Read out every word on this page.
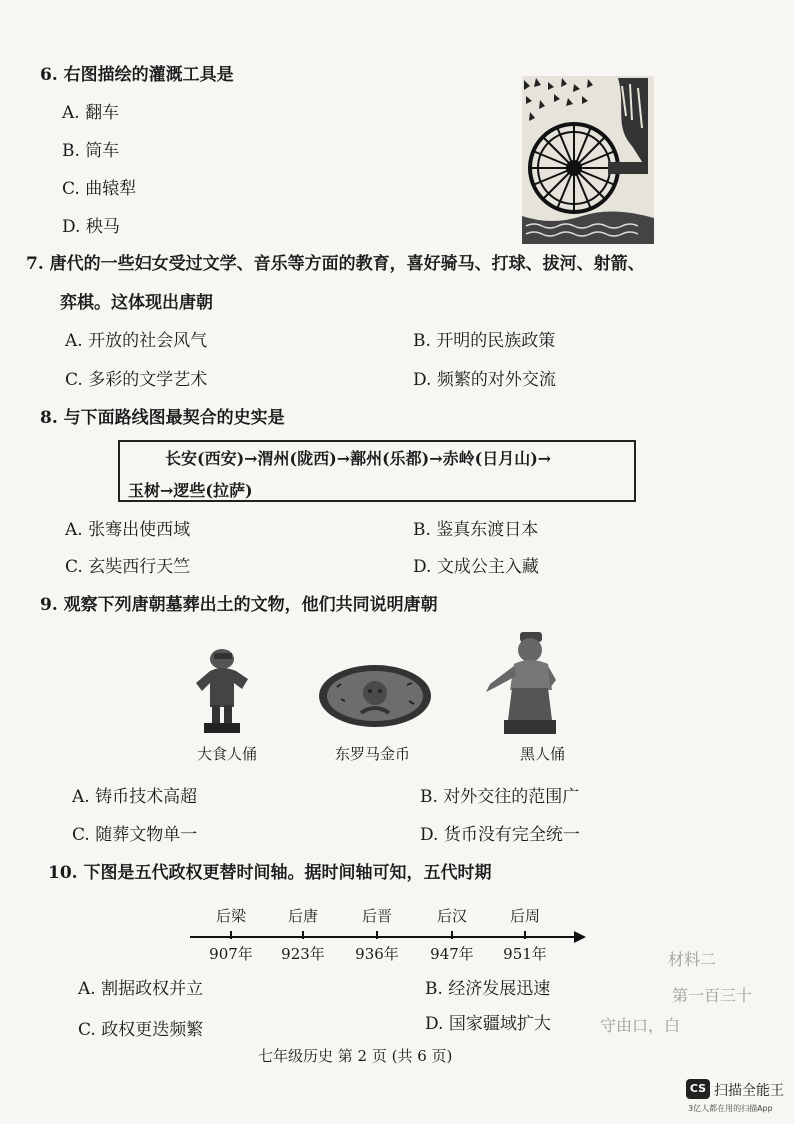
6. 右图描绘的灌溉工具是
A. 翻车
B. 筒车
C. 曲辕犁
D. 秧马
7. 唐代的一些妇女受过文学、音乐等方面的教育，喜好骑马、打球、拔河、射箭、
弈棋。这体现出唐朝
A. 开放的社会风气	B. 开明的民族政策
C. 多彩的文学艺术	D. 频繁的对外交流
8. 与下面路线图最契合的史实是
长安(西安)→渭州(陇西)→鄯州(乐都)→赤岭(日月山)→
玉树→逻些(拉萨)
A. 张骞出使西域	B. 鉴真东渡日本
C. 玄奘西行天竺	D. 文成公主入藏
9. 观察下列唐朝墓葬出土的文物，他们共同说明唐朝
大食人俑	东罗马金币	黑人俑
A. 铸币技术高超	B. 对外交往的范围广
C. 随葬文物单一	D. 货币没有完全统一
10. 下图是五代政权更替时间轴。据时间轴可知，五代时期
后梁
907年
后唐
923年
后晋
936年
后汉
947年
后周
951年
A. 割据政权并立	B. 经济发展迅速
C. 政权更迭频繁	D. 国家疆域扩大
材料二
第一百三十
守由口，白
七年级历史 第 2 页 (共 6 页)
CS 扫描全能王
3亿人都在用的扫描App
